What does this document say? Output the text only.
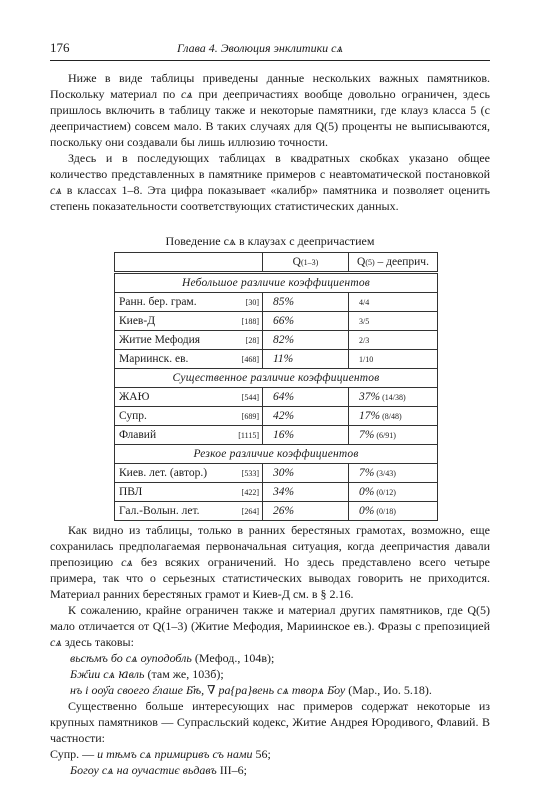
176	Глава 4. Эволюция энклитики сѧ

Ниже в виде таблицы приведены данные нескольких важных памятников. Поскольку материал по сѧ при деепричастиях вообще довольно ограничен, здесь пришлось включить в таблицу также и некоторые памятники, где клауз класса 5 (с деепричастием) совсем мало. В таких случаях для Q(5) проценты не выписываются, поскольку они создавали бы лишь иллюзию точности.

Здесь и в последующих таблицах в квадратных скобках указано общее количество представленных в памятнике примеров с неавтоматической постановкой сѧ в классах 1–8. Эта цифра показывает «калибр» памятника и позволяет оценить степень показательности соответствующих статистических данных.

Поведение сѧ в клаузах с деепричастием
		Q(1–3)	Q(5) – дееприч.
Небольшое различие коэффициентов			
Ранн. бер. грам.	[30]	85%	4/4
Киев-Д	[188]	66%	3/5
Житие Мефодия	[28]	82%	2/3
Мариинск. ев.	[468]	11%	1/10
Существенное различие коэффициентов			
ЖАЮ	[544]	64%	37% (14/38)
Супр.	[689]	42%	17% (8/48)
Флавий	[1115]	16%	7% (6/91)
Резкое различие коэффициентов			
Киев. лет. (автор.)	[533]	30%	7% (3/43)
ПВЛ	[422]	34%	0% (0/12)
Гал.-Волын. лет.	[264]	26%	0% (0/18)

Как видно из таблицы, только в ранних берестяных грамотах, возможно, еще сохранилась предполагаемая первоначальная ситуация, когда деепричастия давали препозицию сѧ без всяких ограничений. Но здесь представлено всего четыре примера, так что о серьезных статистических выводах говорить не приходится. Материал ранних берестяных грамот и Киев-Д см. в § 2.16.

К сожалению, крайне ограничен также и материал других памятников, где Q(5) мало отличается от Q(1–3) (Житие Мефодия, Мариинское ев.). Фразы с препозицией сѧ здесь таковы:

вьсѣмъ бо сѧ оуподобль (Мефод., 104в);
Бж҃ии сѧ ꙗвль (там же, 103б);
нъ і оѹ҃а своего г҃лаше Б҃ѣ, ∇ ра{ра}вень сѧ творѧ Б҃оу (Мар., Ио. 5.18).

Существенно больше интересующих нас примеров содержат некоторые из крупных памятников — Супрасльский кодекс, Житие Андрея Юродивого, Флавий. В частности:

Супр. — и тѣмъ сѧ примиривъ съ нами 56;
Богоу сѧ на оучастиє вьдавъ III–6;
